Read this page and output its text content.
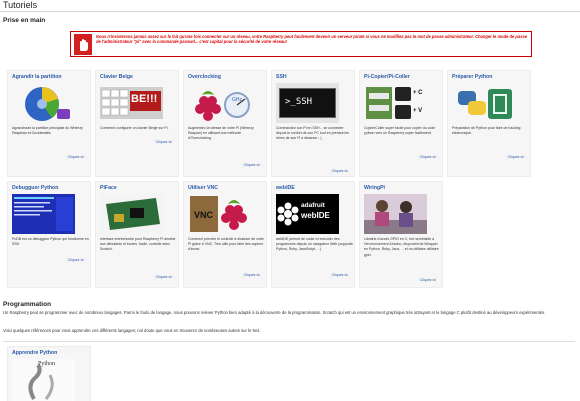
Tutoriels
Prise en main
Nous n'insisterons jamais assez sur le fait qu'une fois connecter sur un réseau, votre Raspberry peut facilement devenir un serveur pirate si vous ne modifiez pas le mot de passe administrateur. Changer le mode de passe de l'administrateur "pi" avec la commande passwd... c'est capital pour la sécurité de votre réseau!
Agrandir la partition
Agrandissez la partition principale du Wheezy Raspbian et Occidentalis
Cliquez ici
Clavier Belge
BE!!!
Comment configurer un clavier Belge sur Pi.
Cliquez ici
Overclocking
GHz
Augmentez la vitesse de votre Pi (Wheezy Raspian) en utilisant une méthode d'Overclocking.
Cliquez ici
SSH
>_SSH
Commandez son Pi en SSH... se connecter depuis le confort de son PC tout en prenant les rênes de son Pi à distance :-)
Cliquez ici
Pi-Copier/Pi-Coller
+ C
+ V
Copier/Coller super facile pour copier du code python vers un Raspberry super facilement.
Cliquez ici
Préparer Python
Préparation de Python pour faire de hacking électronique.
Cliquez ici
Debugguer Python
PuDB est un débuggeur Python qui fonctionne en SSH.
Cliquez ici
PiFace
Interface entrée/sortie pour Raspberry Pi destiné aux débutants et écoles. facile, contrôle avec Scratch.
Cliquez ici
Utiliser VNC
VNC
Comment prendre le contrôle à distance de votre Pi grâce à VNC. Très utile pour faire des capture d'écran.
Cliquez ici
webIDE
adafruit
webIDE
webIDE permet de coder et exécuter des programmes depuis un navigateur Web (supporte Python, Ruby, JavaScript, ...)
Cliquez ici
WiringPi
Librairie d'accès GPIO en C, fort semblable à l'environnement Arduino, disponent de Wrapper en Python, Ruby, Java, ... et un utilitaire utilitaire gpio.
Cliquez ici
Programmation
Un Raspberry peut se programmer avec de nombreux langages. Parmi le foulo de langage, nous pouvons relever Python bien adapté à la découverte de la programmation. Scratch qui est un environnement graphique très attrayant et le langage C plutôt destiné au développeurs expérimentés.
Voici quelques références pour vous apprendre ces différents langages; nul doute que vous en trouverez de nombreuses autres sur le Net.
Apprendre Python
Python
